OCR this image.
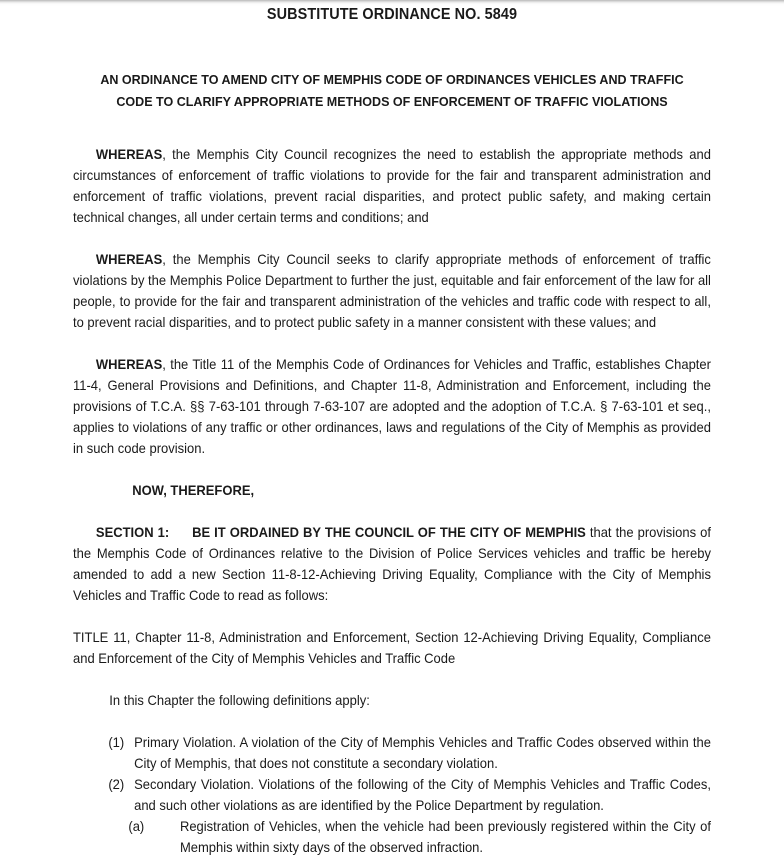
SUBSTITUTE ORDINANCE NO. 5849
AN ORDINANCE TO AMEND CITY OF MEMPHIS CODE OF ORDINANCES VEHICLES AND TRAFFIC
CODE TO CLARIFY APPROPRIATE METHODS OF ENFORCEMENT OF TRAFFIC VIOLATIONS

WHEREAS, the Memphis City Council recognizes the need to establish the appropriate methods and circumstances of enforcement of traffic violations to provide for the fair and transparent administration and enforcement of traffic violations, prevent racial disparities, and protect public safety, and making certain technical changes, all under certain terms and conditions; and

WHEREAS, the Memphis City Council seeks to clarify appropriate methods of enforcement of traffic violations by the Memphis Police Department to further the just, equitable and fair enforcement of the law for all people, to provide for the fair and transparent administration of the vehicles and traffic code with respect to all, to prevent racial disparities, and to protect public safety in a manner consistent with these values; and

WHEREAS, the Title 11 of the Memphis Code of Ordinances for Vehicles and Traffic, establishes Chapter 11-4, General Provisions and Definitions, and Chapter 11-8, Administration and Enforcement, including the provisions of T.C.A. §§ 7-63-101 through 7-63-107 are adopted and the adoption of T.C.A. § 7-63-101 et seq., applies to violations of any traffic or other ordinances, laws and regulations of the City of Memphis as provided in such code provision.

NOW, THEREFORE,

SECTION 1: BE IT ORDAINED BY THE COUNCIL OF THE CITY OF MEMPHIS that the provisions of the Memphis Code of Ordinances relative to the Division of Police Services vehicles and traffic be hereby amended to add a new Section 11-8-12-Achieving Driving Equality, Compliance with the City of Memphis Vehicles and Traffic Code to read as follows:

TITLE 11, Chapter 11-8, Administration and Enforcement, Section 12-Achieving Driving Equality, Compliance and Enforcement of the City of Memphis Vehicles and Traffic Code

In this Chapter the following definitions apply:

(1) Primary Violation. A violation of the City of Memphis Vehicles and Traffic Codes observed within the City of Memphis, that does not constitute a secondary violation.

(2) Secondary Violation. Violations of the following of the City of Memphis Vehicles and Traffic Codes, and such other violations as are identified by the Police Department by regulation.

(a)	Registration of Vehicles, when the vehicle had been previously registered within the City of Memphis within sixty days of the observed infraction.
